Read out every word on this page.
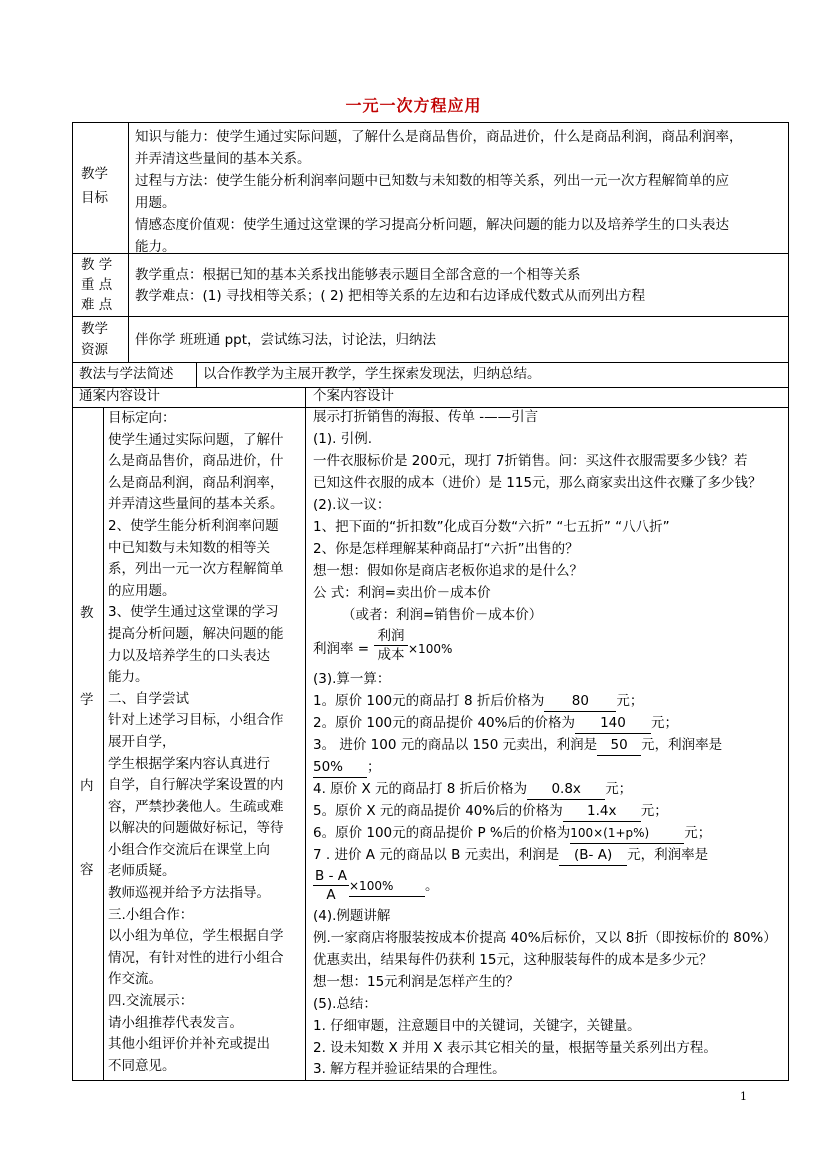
一元一次方程应用
教学
目标
知识与能力：使学生通过实际问题，了解什么是商品售价，商品进价，什么是商品利润，商品利润率，
并弄清这些量间的基本关系。
过程与方法：使学生能分析利润率问题中已知数与未知数的相等关系，列出一元一次方程解简单的应
用题。
情感态度价值观：使学生通过这堂课的学习提高分析问题，解决问题的能力以及培养学生的口头表达
能力。
教 学
重 点
难 点
教学重点：根据已知的基本关系找出能够表示题目全部含意的一个相等关系
教学难点：(1) 寻找相等关系；( 2) 把相等关系的左边和右边译成代数式从而列出方程
教学
资源
伴你学 班班通 ppt，尝试练习法，讨论法，归纳法
教法与学法简述 以合作教学为主展开教学，学生探索发现法，归纳总结。
通案内容设计	个案内容设计
教
学
内
容
目标定向：
使学生通过实际问题，了解什
么是商品售价，商品进价，什
么是商品利润，商品利润率，
并弄清这些量间的基本关系。
2、使学生能分析利润率问题
中已知数与未知数的相等关
系，列出一元一次方程解简单
的应用题。
3、使学生通过这堂课的学习
提高分析问题，解决问题的能
力以及培养学生的口头表达
能力。
二、自学尝试
针对上述学习目标，小组合作
展开自学，
学生根据学案内容认真进行
自学，自行解决学案设置的内
容，严禁抄袭他人。生疏或难
以解决的问题做好标记，等待
小组合作交流后在课堂上向
老师质疑。
教师巡视并给予方法指导。
三.小组合作：
以小组为单位，学生根据自学
情况，有针对性的进行小组合
作交流。
四.交流展示：
请小组推荐代表发言。
其他小组评价并补充或提出
不同意见。
展示打折销售的海报、传单 -——引言
(1). 引例.
一件衣服标价是 200元，现打 7折销售。问：买这件衣服需要多少钱？若
已知这件衣服的成本（进价）是 115元，那么商家卖出这件衣赚了多少钱？
(2).议一议：
1、把下面的“折扣数”化成百分数“六折” “七五折” “八八折”
2、你是怎样理解某种商品打“六折”出售的？
想一想：假如你是商店老板你追求的是什么？
公 式：利润=卖出价－成本价
（或者：利润=销售价－成本价）
利润率 =
利润
成本 ×100%
(3).算一算：
1。原价 100元的商品打 8 折后价格为 80 元；
2。原价 100元的商品提价 40%后的价格为 140 元；
3。 进价 100 元的商品以 150 元卖出，利润是 50 元，利润率是
50% ；
4. 原价 X 元的商品打 8 折后价格为 0.8x 元；
5。原价 X 元的商品提价 40%后的价格为 1.4x 元；
6。原价 100元的商品提价 P %后的价格为100×(1+p%)	元；
7 . 进价 A 元的商品以 B 元卖出，利润是 (B- A) 元，利润率是
B - A
A
×100% 。
(4).例题讲解
例.一家商店将服装按成本价提高 40%后标价，又以 8折（即按标价的 80%）
优惠卖出，结果每件仍获利 15元，这种服装每件的成本是多少元？
想一想：15元利润是怎样产生的？
(5).总结：
1. 仔细审题，注意题目中的关键词，关键字，关键量。
2. 设未知数 X 并用 X 表示其它相关的量，根据等量关系列出方程。
3. 解方程并验证结果的合理性。
1
